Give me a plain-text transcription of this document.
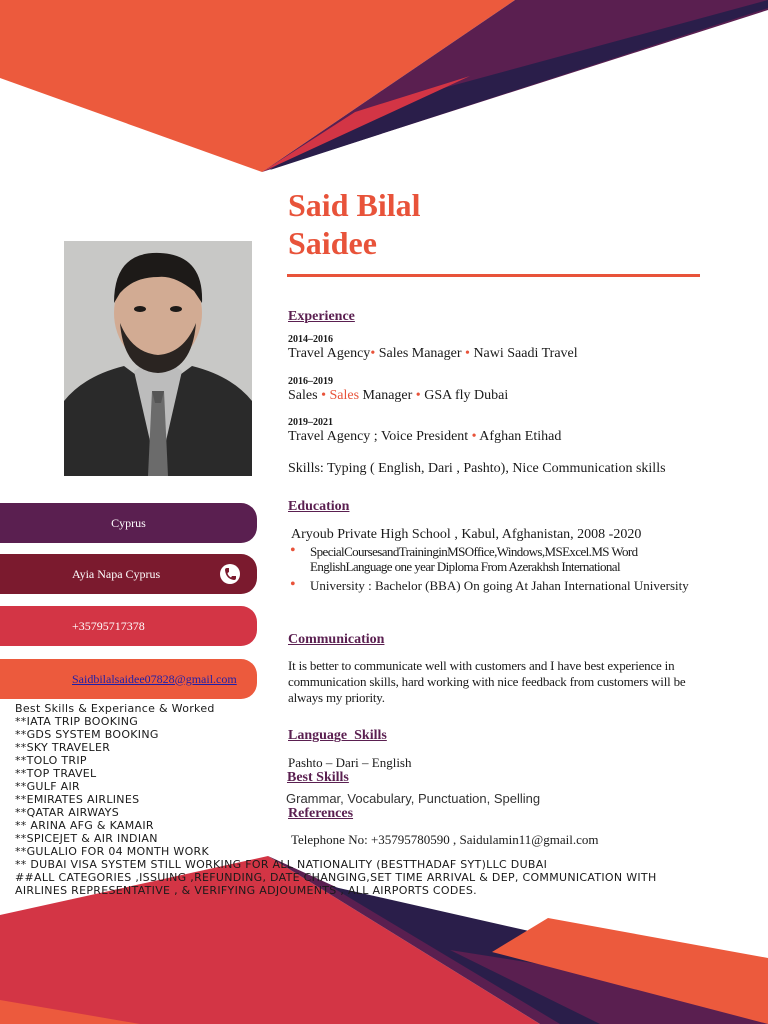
Said Bilal
Saidee
Cyprus
Ayia Napa Cyprus
+35795717378
Saidbilalsaidee07828@gmail.com
Experience
2014–2016
Travel Agency• Sales Manager • Nawi Saadi Travel
2016–2019
Sales • Sales Manager • GSA fly Dubai
2019–2021
Travel Agency ; Voice President • Afghan Etihad
Skills: Typing ( English, Dari , Pashto), Nice Communication skills
Education
Aryoub Private High School , Kabul, Afghanistan, 2008 -2020
• SpecialCoursesandTraininginMSOffice,Windows,MSExcel.MS Word EnglishLanguage one year Diploma From Azerakhsh International
• University : Bachelor (BBA) On going At Jahan International University
Communication
It is better to communicate well with customers and I have best experience in communication skills, hard working with nice feedback from customers will be always my priority.
Language  Skills
Pashto – Dari – English
Best Skills
Grammar, Vocabulary, Punctuation, Spelling
References
Telephone No: +35795780590 , Saidulamin11@gmail.com
Best Skills & Experiance & Worked
**IATA TRIP BOOKING
**GDS SYSTEM BOOKING
**SKY TRAVELER
**TOLO TRIP
**TOP TRAVEL
**GULF AIR
**EMIRATES AIRLINES
**QATAR AIRWAYS
** ARINA AFG & KAMAIR
**SPICEJET & AIR INDIAN
**GULALIO FOR 04 MONTH WORK
** DUBAI VISA SYSTEM STILL WORKING FOR ALL NATIONALITY (BESTTHADAF SYT)LLC DUBAI
##ALL CATEGORIES ,ISSUING ,REFUNDING, DATE CHANGING,SET TIME ARRIVAL & DEP, COMMUNICATION WITH
AIRLINES REPRESENTATIVE , & VERIFYING ADJOUMENTS , ALL AIRPORTS CODES.
